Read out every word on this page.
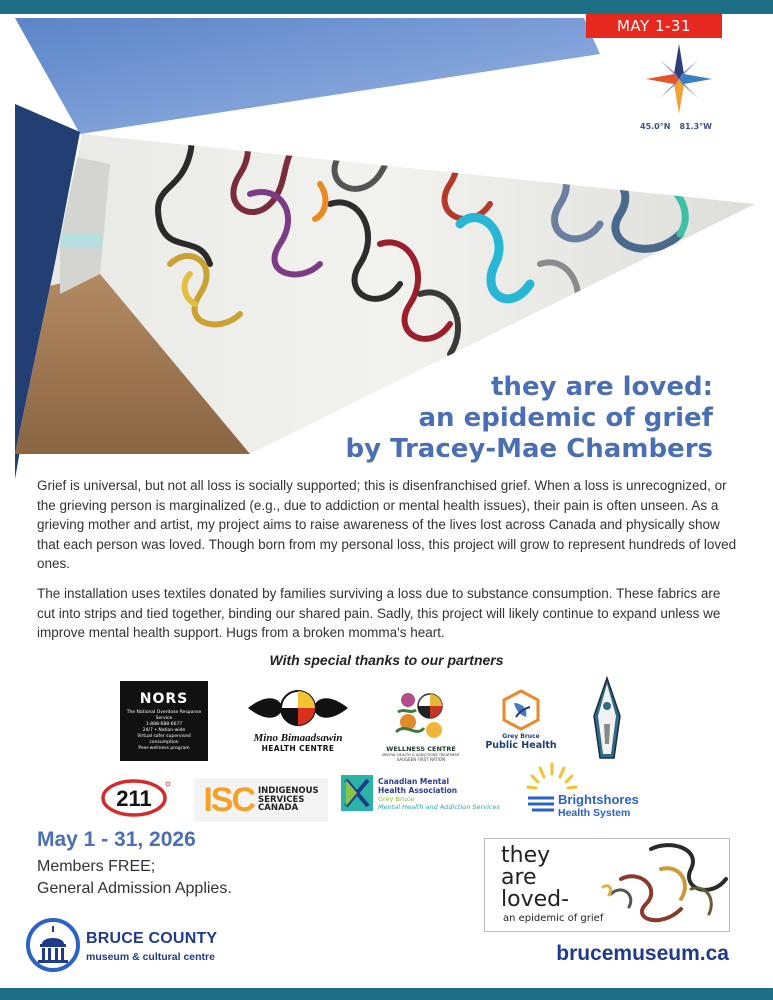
MAY 1-31
45.0°N 81.3°W
they are loved:
an epidemic of grief
by Tracey-Mae Chambers

Grief is universal, but not all loss is socially supported; this is disenfranchised grief. When a loss is unrecognized, or the grieving person is marginalized (e.g., due to addiction or mental health issues), their pain is often unseen. As a grieving mother and artist, my project aims to raise awareness of the lives lost across Canada and physically show that each person was loved. Though born from my personal loss, this project will grow to represent hundreds of loved ones.

The installation uses textiles donated by families surviving a loss due to substance consumption. These fabrics are cut into strips and tied together, binding our shared pain. Sadly, this project will likely continue to expand unless we improve mental health support. Hugs from a broken momma's heart.

With special thanks to our partners
NORS
The National Overdose Response Service
1-888-688-6677
24/7 • Nation-wide
Virtual safer supervised consumption
Peer-wellness program
Mino Bimaadsawin
HEALTH CENTRE	WELLNESS CENTRE
MENTAL HEALTH & ADDICTIONS TREATMENT
SAUGEEN FIRST NATION
Grey Bruce
Public Health
211 ISC INDIGENOUS
SERVICES
CANADA
Canadian Mental
Health Association
Grey Bruce
Mental Health and Addiction Services	Brightshores
Health System
May 1 - 31, 2026
Members FREE;
General Admission Applies.
they
are
loved-
an epidemic of grief
BRUCE COUNTY
museum & cultural centre	brucemuseum.ca
